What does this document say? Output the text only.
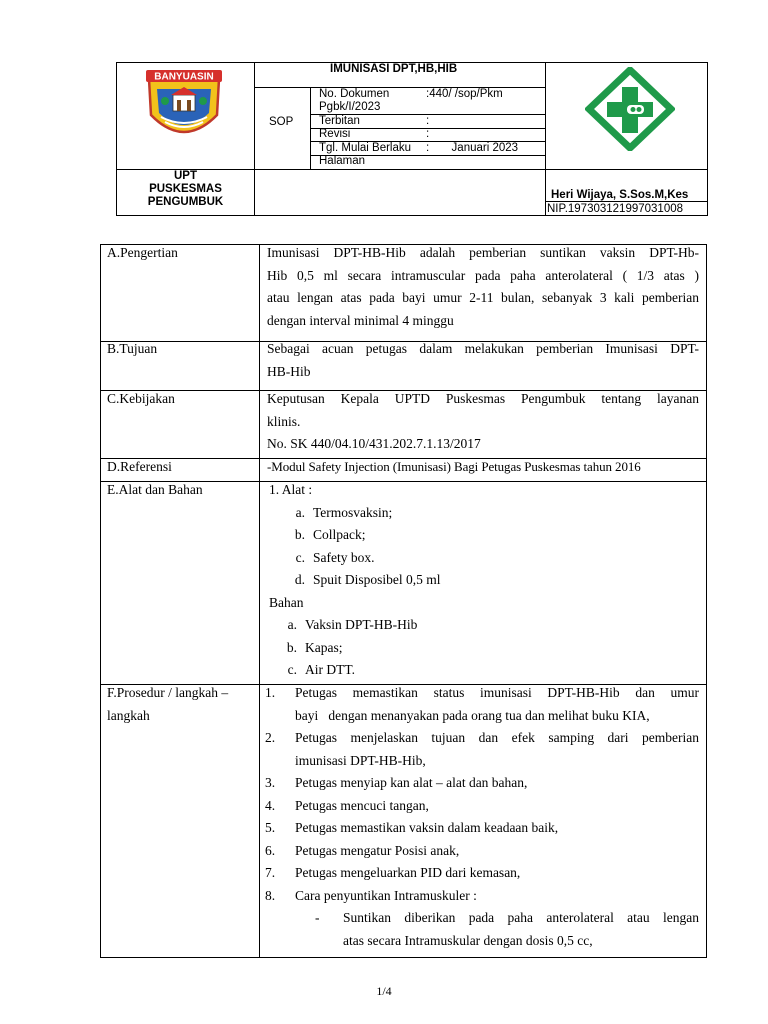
BANYUASIN
IMUNISASI DPT,HB,HIB
SOP
No. Dokumen	:440/ /sop/Pkm
Pgbk/I/2023
Terbitan	:
Revisi	:
Tgl. Mulai Berlaku :       Januari 2023
Halaman
UPT
PUSKESMAS
PENGUMBUK
Heri Wijaya, S.Sos.M,Kes
NIP.197303121997031008
A.Pengertian	Imunisasi DPT-HB-Hib adalah pemberian suntikan vaksin DPT-Hb-
Hib 0,5 ml secara intramuscular pada paha anterolateral ( 1/3 atas )
atau lengan atas pada bayi umur 2-11 bulan, sebanyak 3 kali pemberian
dengan interval minimal 4 minggu
B.Tujuan	Sebagai acuan petugas dalam melakukan pemberian Imunisasi DPT-
HB-Hib
C.Kebijakan	Keputusan Kepala UPTD Puskesmas Pengumbuk tentang layanan
klinis.
No. SK 440/04.10/431.202.7.1.13/2017
D.Referensi	-Modul Safety Injection (Imunisasi) Bagi Petugas Puskesmas tahun 2016
E.Alat dan Bahan	1. Alat :
a. Termosvaksin;
b. Collpack;
c. Safety box.
d. Spuit Disposibel 0,5 ml
Bahan
a. Vaksin DPT-HB-Hib
b. Kapas;
c. Air DTT.
F.Prosedur / langkah –
langkah
1.	Petugas memastikan status imunisasi DPT-HB-Hib dan umur
bayi   dengan menanyakan pada orang tua dan melihat buku KIA,
2.	Petugas menjelaskan tujuan dan efek samping dari pemberian
imunisasi DPT-HB-Hib,
3.	Petugas menyiap kan alat – alat dan bahan,
4.	Petugas mencuci tangan,
5.	Petugas memastikan vaksin dalam keadaan baik,
6.	Petugas mengatur Posisi anak,
7.	Petugas mengeluarkan PID dari kemasan,
8.	Cara penyuntikan Intramuskuler :
-	Suntikan diberikan pada paha anterolateral atau lengan
atas secara Intramuskular dengan dosis 0,5 cc,
1/4
